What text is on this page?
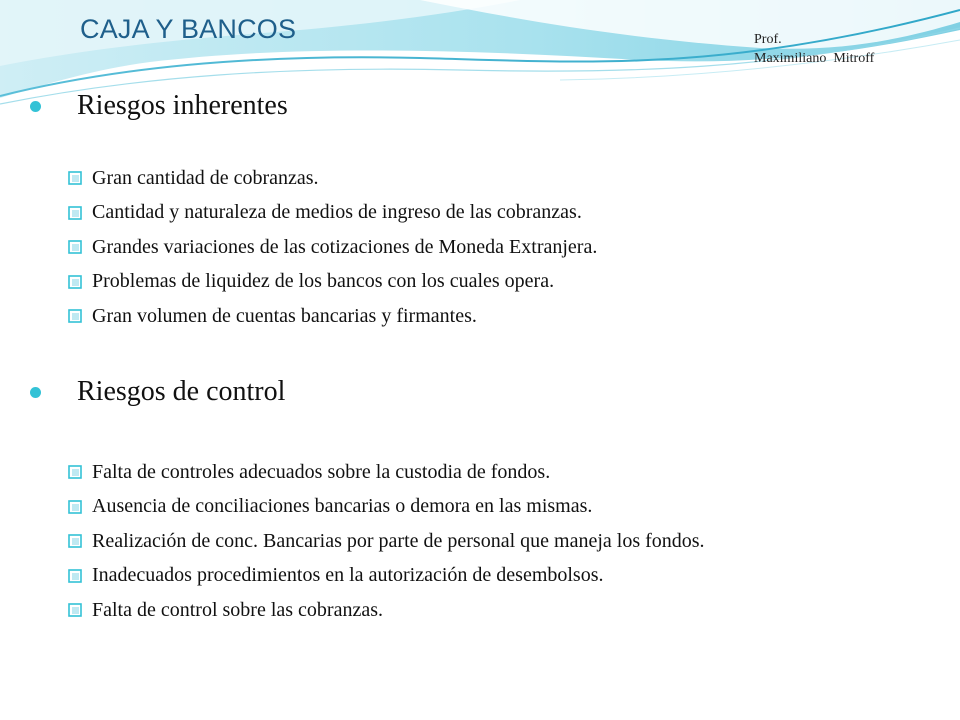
CAJA Y BANCOS	Prof.
Maximiliano  Mitroff
Riesgos inherentes
Gran cantidad de cobranzas.
Cantidad y naturaleza de medios de ingreso de las cobranzas.
Grandes variaciones de las cotizaciones de Moneda Extranjera.
Problemas de liquidez de los bancos con los cuales opera.
Gran volumen de cuentas bancarias y firmantes.
Riesgos de control
Falta de controles adecuados sobre la custodia de fondos.
Ausencia de conciliaciones bancarias o demora en las mismas.
Realización de conc. Bancarias por parte de personal que maneja los fondos.
Inadecuados procedimientos en la autorización de desembolsos.
Falta de control sobre las cobranzas.
